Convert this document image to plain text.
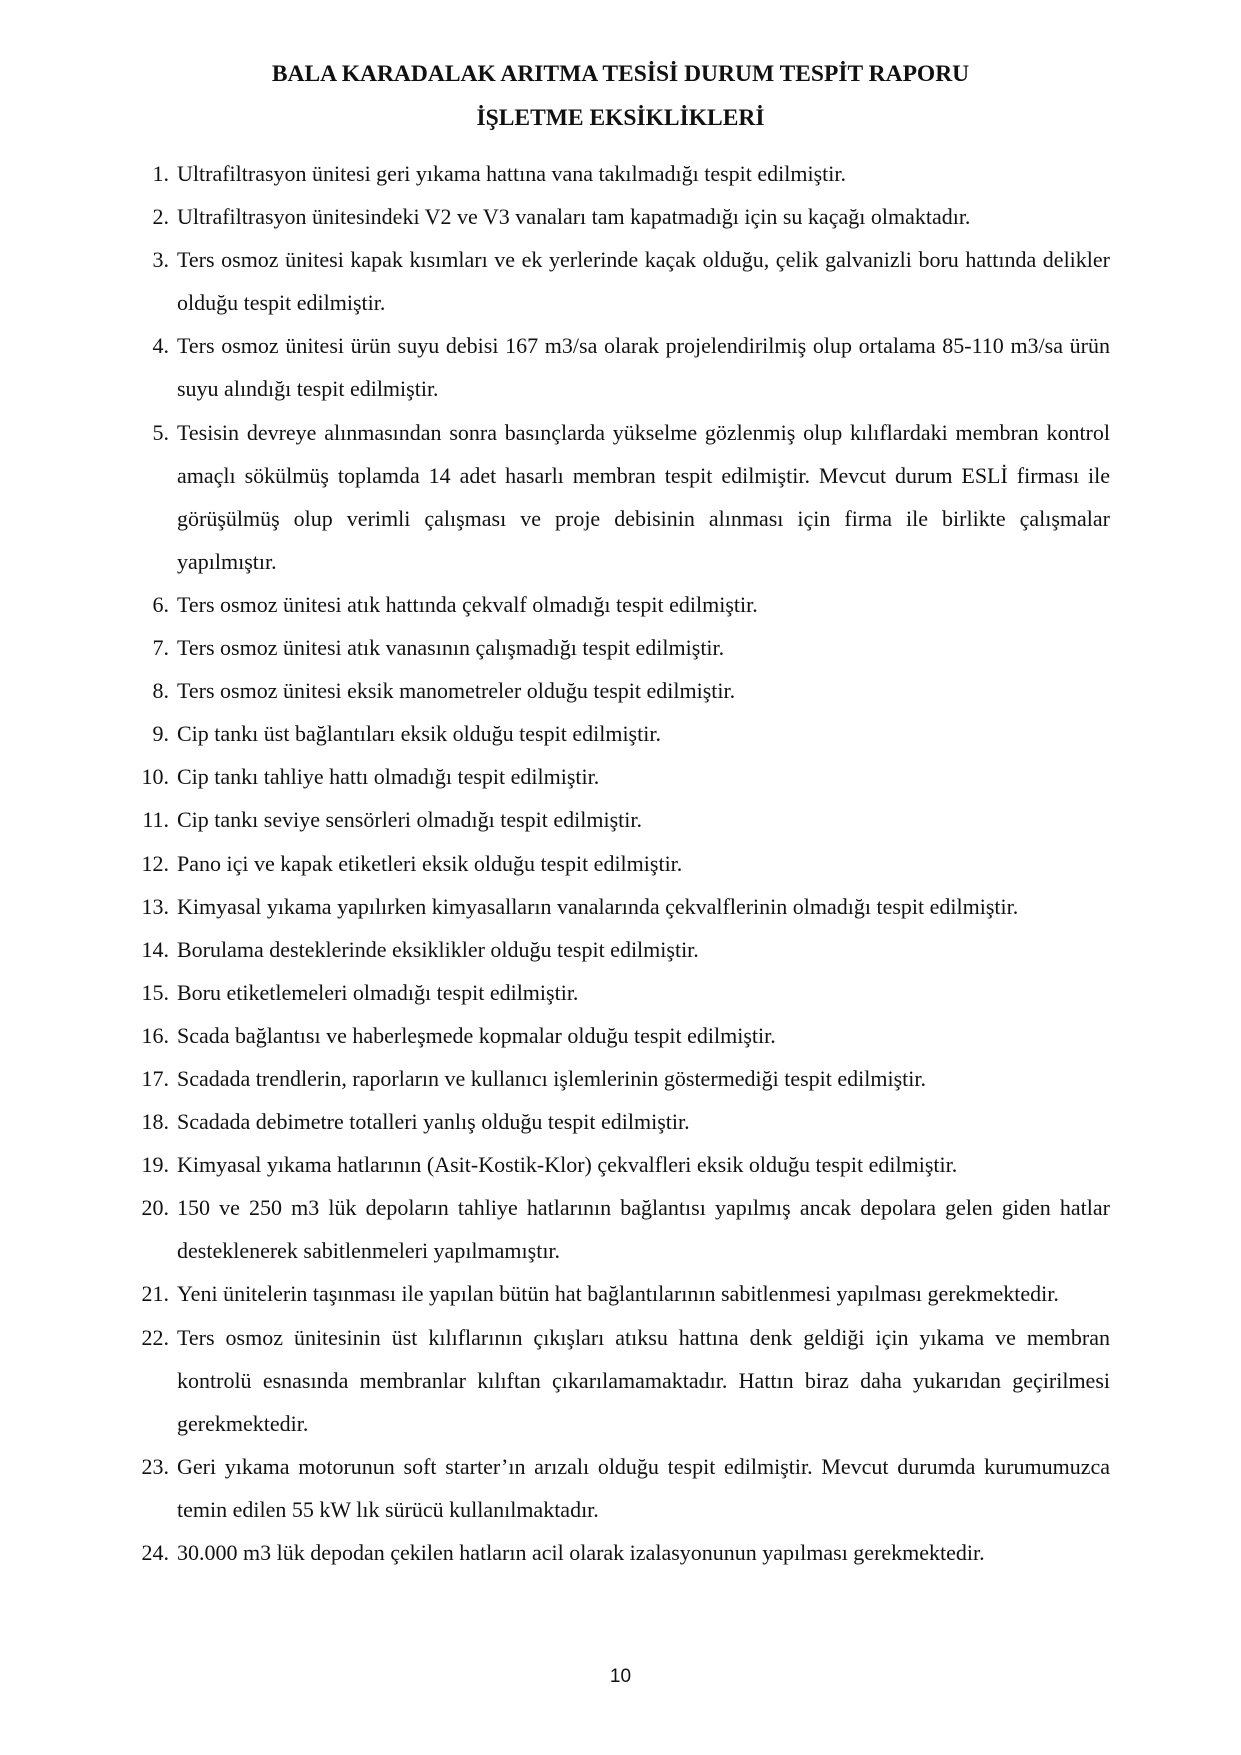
BALA KARADALAK ARITMA TESİSİ DURUM TESPİT RAPORU
İŞLETME EKSİKLİKLERİ
1. Ultrafiltrasyon ünitesi geri yıkama hattına vana takılmadığı tespit edilmiştir.
2. Ultrafiltrasyon ünitesindeki V2 ve V3 vanaları tam kapatmadığı için su kaçağı olmaktadır.
3. Ters osmoz ünitesi kapak kısımları ve ek yerlerinde kaçak olduğu, çelik galvanizli boru hattında delikler olduğu tespit edilmiştir.
4. Ters osmoz ünitesi ürün suyu debisi 167 m3/sa olarak projelendirilmiş olup ortalama 85-110 m3/sa ürün suyu alındığı tespit edilmiştir.
5. Tesisin devreye alınmasından sonra basınçlarda yükselme gözlenmiş olup kılıflardaki membran kontrol amaçlı sökülmüş toplamda 14 adet hasarlı membran tespit edilmiştir. Mevcut durum ESLİ firması ile görüşülmüş olup verimli çalışması ve proje debisinin alınması için firma ile birlikte çalışmalar yapılmıştır.
6. Ters osmoz ünitesi atık hattında çekvalf olmadığı tespit edilmiştir.
7. Ters osmoz ünitesi atık vanasının çalışmadığı tespit edilmiştir.
8. Ters osmoz ünitesi eksik manometreler olduğu tespit edilmiştir.
9. Cip tankı üst bağlantıları eksik olduğu tespit edilmiştir.
10. Cip tankı tahliye hattı olmadığı tespit edilmiştir.
11. Cip tankı seviye sensörleri olmadığı tespit edilmiştir.
12. Pano içi ve kapak etiketleri eksik olduğu tespit edilmiştir.
13. Kimyasal yıkama yapılırken kimyasalların vanalarında çekvalflerinin olmadığı tespit edilmiştir.
14. Borulama desteklerinde eksiklikler olduğu tespit edilmiştir.
15. Boru etiketlemeleri olmadığı tespit edilmiştir.
16. Scada bağlantısı ve haberleşmede kopmalar olduğu tespit edilmiştir.
17. Scadada trendlerin, raporların ve kullanıcı işlemlerinin göstermediği tespit edilmiştir.
18. Scadada debimetre totalleri yanlış olduğu tespit edilmiştir.
19. Kimyasal yıkama hatlarının (Asit-Kostik-Klor) çekvalfleri eksik olduğu tespit edilmiştir.
20. 150 ve 250 m3 lük depoların tahliye hatlarının bağlantısı yapılmış ancak depolara gelen giden hatlar desteklenerek sabitlenmeleri yapılmamıştır.
21. Yeni ünitelerin taşınması ile yapılan bütün hat bağlantılarının sabitlenmesi yapılması gerekmektedir.
22. Ters osmoz ünitesinin üst kılıflarının çıkışları atıksu hattına denk geldiği için yıkama ve membran kontrolü esnasında membranlar kılıftan çıkarılamamaktadır. Hattın biraz daha yukarıdan geçirilmesi gerekmektedir.
23. Geri yıkama motorunun soft starter’ın arızalı olduğu tespit edilmiştir. Mevcut durumda kurumumuzca temin edilen 55 kW lık sürücü kullanılmaktadır.
24. 30.000 m3 lük depodan çekilen hatların acil olarak izalasyonunun yapılması gerekmektedir.
10
